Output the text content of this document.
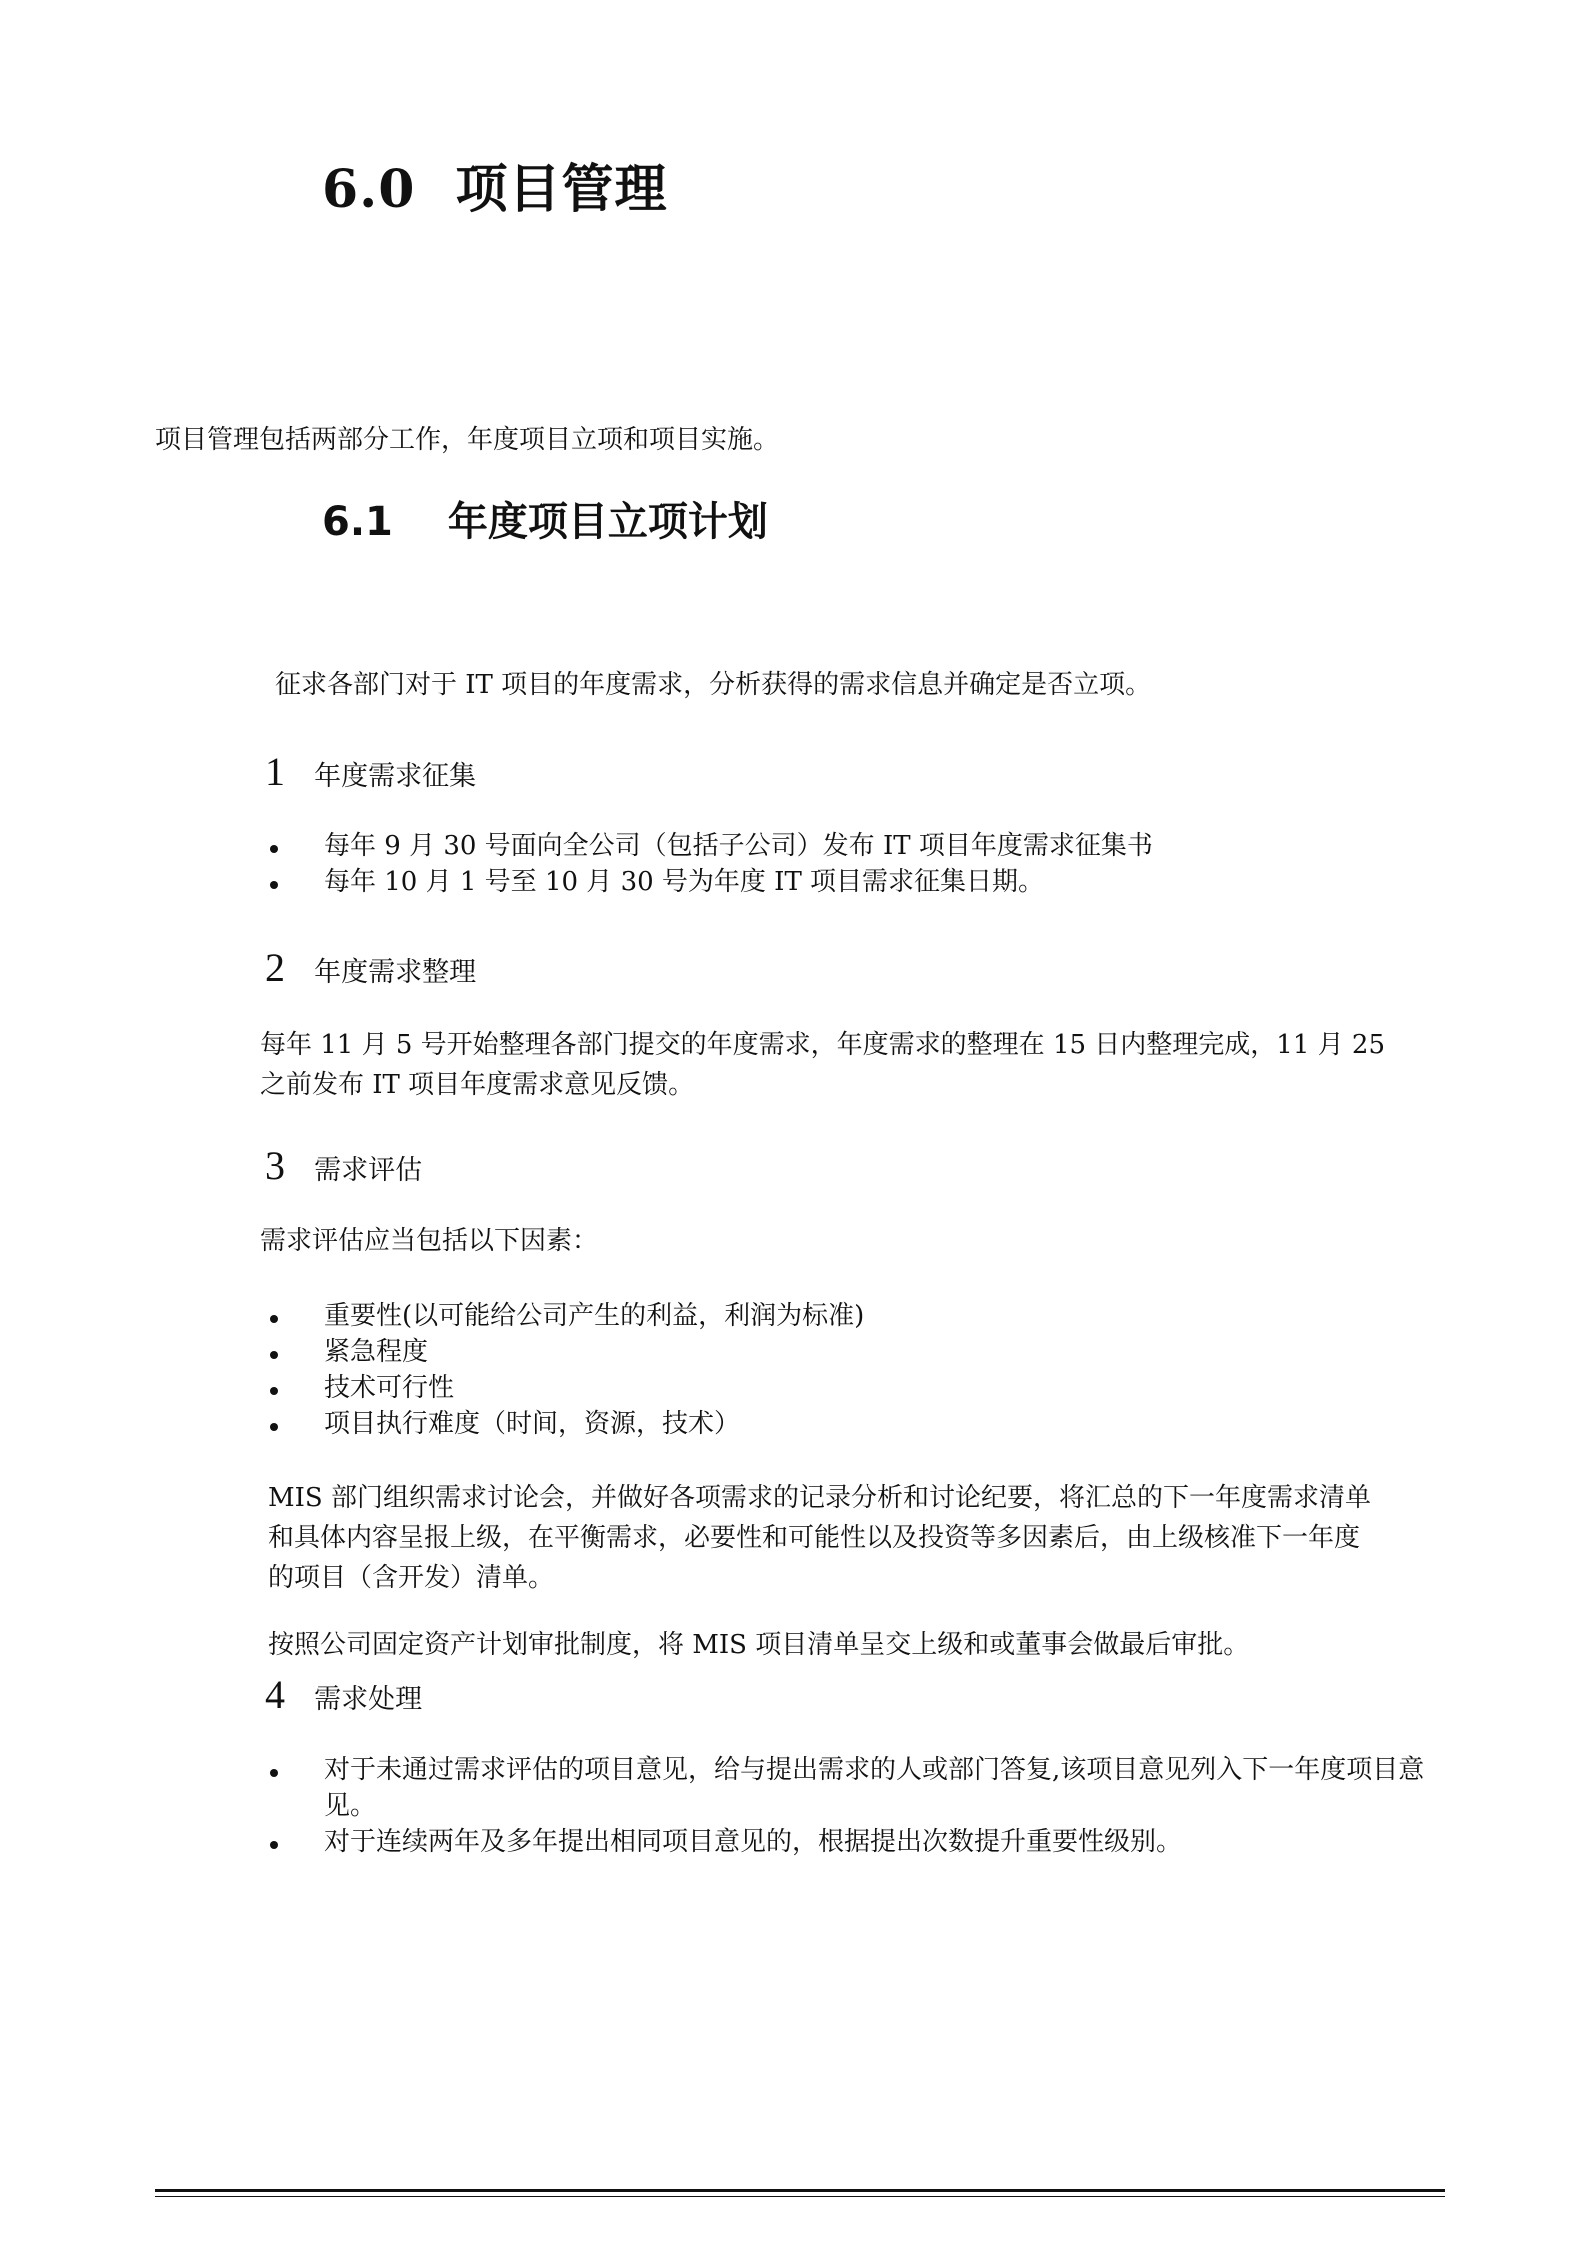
6.0 项目管理
项目管理包括两部分工作，年度项目立项和项目实施。
6.1 年度项目立项计划
征求各部门对于 IT 项目的年度需求，分析获得的需求信息并确定是否立项。
1 年度需求征集
每年 9 月 30 号面向全公司（包括子公司）发布 IT 项目年度需求征集书
每年 10 月 1 号至 10 月 30 号为年度 IT 项目需求征集日期。
2 年度需求整理
每年 11 月 5 号开始整理各部门提交的年度需求，年度需求的整理在 15 日内整理完成，11 月 25
之前发布 IT 项目年度需求意见反馈。
3 需求评估
需求评估应当包括以下因素：
重要性(以可能给公司产生的利益，利润为标准)
紧急程度
技术可行性
项目执行难度（时间，资源，技术）
MIS 部门组织需求讨论会，并做好各项需求的记录分析和讨论纪要，将汇总的下一年度需求清单
和具体内容呈报上级，在平衡需求，必要性和可能性以及投资等多因素后，由上级核准下一年度
的项目（含开发）清单。
按照公司固定资产计划审批制度，将 MIS 项目清单呈交上级和或董事会做最后审批。
4 需求处理
对于未通过需求评估的项目意见，给与提出需求的人或部门答复,该项目意见列入下一年度项目意见。
对于连续两年及多年提出相同项目意见的，根据提出次数提升重要性级别。
